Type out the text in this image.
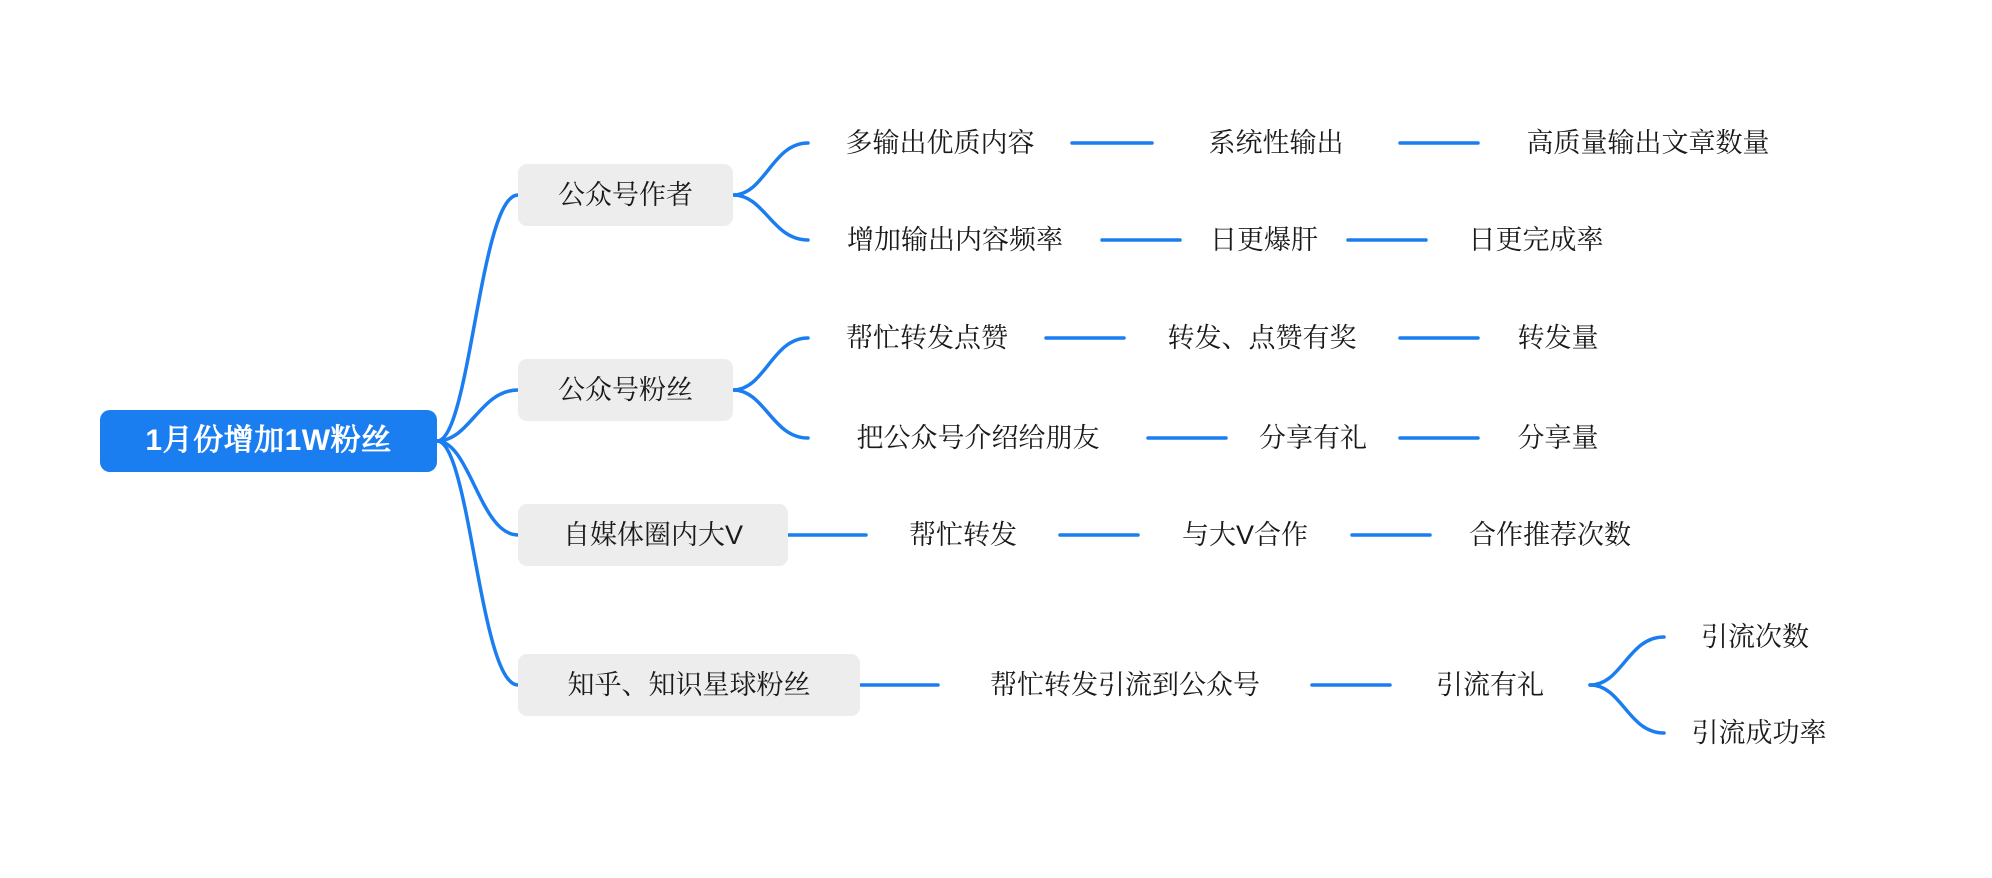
1月份增加1W粉丝
公众号作者
多输出优质内容	系统性输出	高质量输出文章数量
增加输出内容频率	日更爆肝	日更完成率
公众号粉丝
帮忙转发点赞	转发、点赞有奖	转发量
把公众号介绍给朋友	分享有礼	分享量
自媒体圈内大V	帮忙转发	与大V合作	合作推荐次数
知乎、知识星球粉丝	帮忙转发引流到公众号	引流有礼
引流次数
引流成功率
